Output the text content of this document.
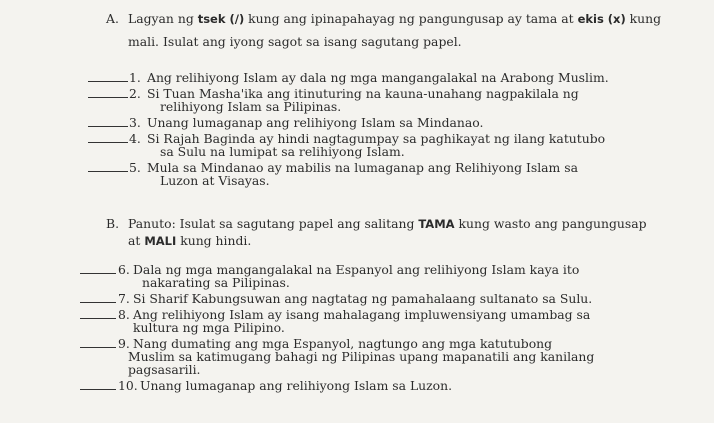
A. Lagyan ng tsek (/) kung ang ipinapahayag ng pangungusap ay tama at ekis (x) kung
mali. Isulat ang iyong sagot sa isang sagutang papel.
1. Ang relihiyong Islam ay dala ng mga mangangalakal na Arabong Muslim.
2. Si Tuan Masha'ika ang itinuturing na kauna-unahang nagpakilala ng
relihiyong Islam sa Pilipinas.
3. Unang lumaganap ang relihiyong Islam sa Mindanao.
4. Si Rajah Baginda ay hindi nagtagumpay sa paghikayat ng ilang katutubo
sa Sulu na lumipat sa relihiyong Islam.
5. Mula sa Mindanao ay mabilis na lumaganap ang Relihiyong Islam sa
Luzon at Visayas.
B. Panuto: Isulat sa sagutang papel ang salitang TAMA kung wasto ang pangungusap
at MALI kung hindi.
6. Dala ng mga mangangalakal na Espanyol ang relihiyong Islam kaya ito
nakarating sa Pilipinas.
7. Si Sharif Kabungsuwan ang nagtatag ng pamahalaang sultanato sa Sulu.
8. Ang relihiyong Islam ay isang mahalagang impluwensiyang umambag sa
kultura ng mga Pilipino.
9. Nang dumating ang mga Espanyol, nagtungo ang mga katutubong
Muslim sa katimugang bahagi ng Pilipinas upang mapanatili ang kanilang
pagsasarili.
10. Unang lumaganap ang relihiyong Islam sa Luzon.
